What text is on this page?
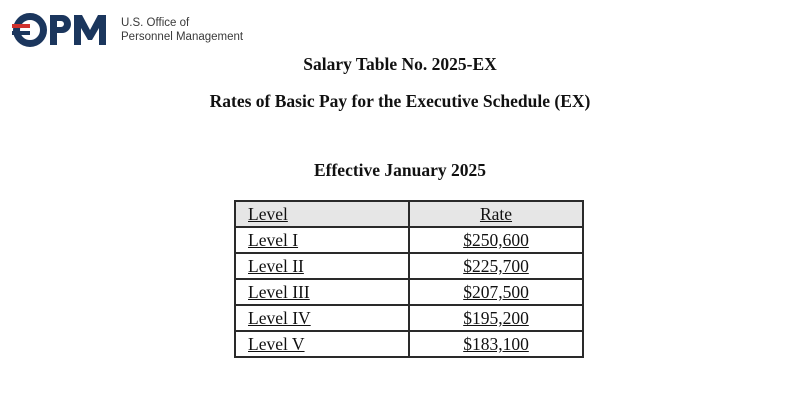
U.S. Office of
Personnel Management
Salary Table No. 2025-EX
Rates of Basic Pay for the Executive Schedule (EX)
Effective January 2025
Level	Rate
Level I	$250,600
Level II	$225,700
Level III	$207,500
Level IV	$195,200
Level V	$183,100
